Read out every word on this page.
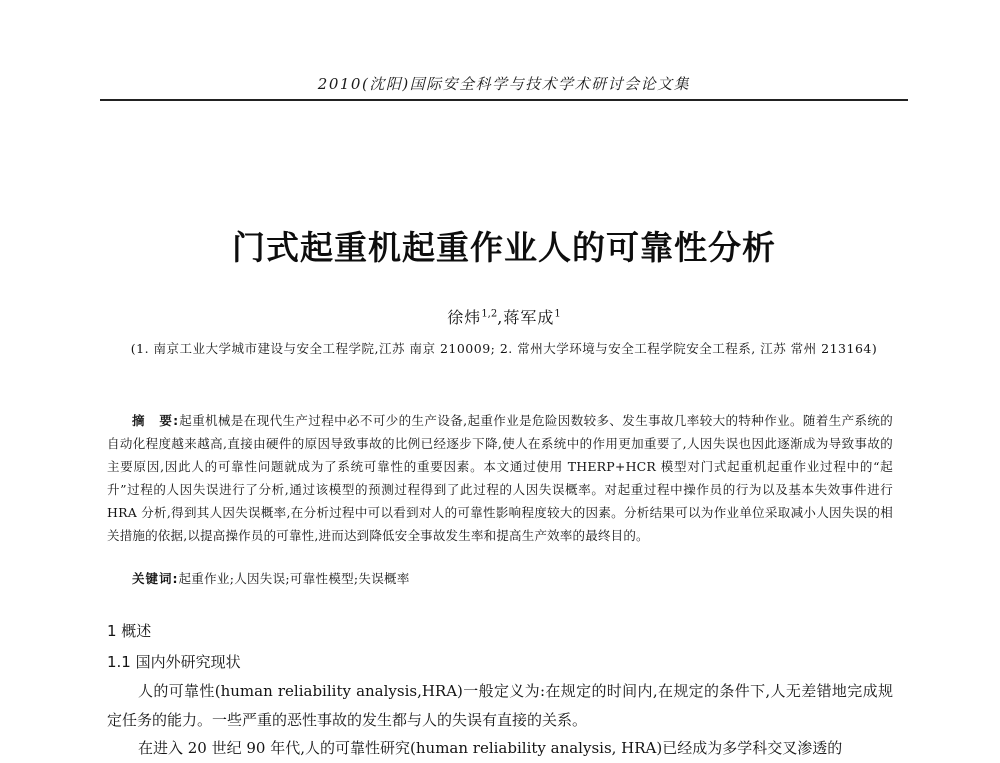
2010(沈阳)国际安全科学与技术学术研讨会论文集
门式起重机起重作业人的可靠性分析
徐炜$^{1,2}$,蒋军成$^1$
(1. 南京工业大学城市建设与安全工程学院,江苏 南京 210009; 2. 常州大学环境与安全工程学院安全工程系, 江苏 常州 213164)
摘　要:起重机械是在现代生产过程中必不可少的生产设备,起重作业是危险因数较多、发生事故几率较大的特种作业。随着生产系统的自动化程度越来越高,直接由硬件的原因导致事故的比例已经逐步下降,使人在系统中的作用更加重要了,人因失误也因此逐渐成为导致事故的主要原因,因此人的可靠性问题就成为了系统可靠性的重要因素。本文通过使用 THERP+HCR 模型对门式起重机起重作业过程中的“起升”过程的人因失误进行了分析,通过该模型的预测过程得到了此过程的人因失误概率。对起重过程中操作员的行为以及基本失效事件进行 HRA 分析,得到其人因失误概率,在分析过程中可以看到对人的可靠性影响程度较大的因素。分析结果可以为作业单位采取减小人因失误的相关措施的依据,以提高操作员的可靠性,进而达到降低安全事故发生率和提高生产效率的最终目的。
关键词:起重作业;人因失误;可靠性模型;失误概率
1 概述
1.1 国内外研究现状

人的可靠性(human reliability analysis,HRA)一般定义为:在规定的时间内,在规定的条件下,人无差错地完成规定任务的能力。一些严重的恶性事故的发生都与人的失误有直接的关系。

在进入 20 世纪 90 年代,人的可靠性研究(human reliability analysis, HRA)已经成为多学科交叉渗透的
